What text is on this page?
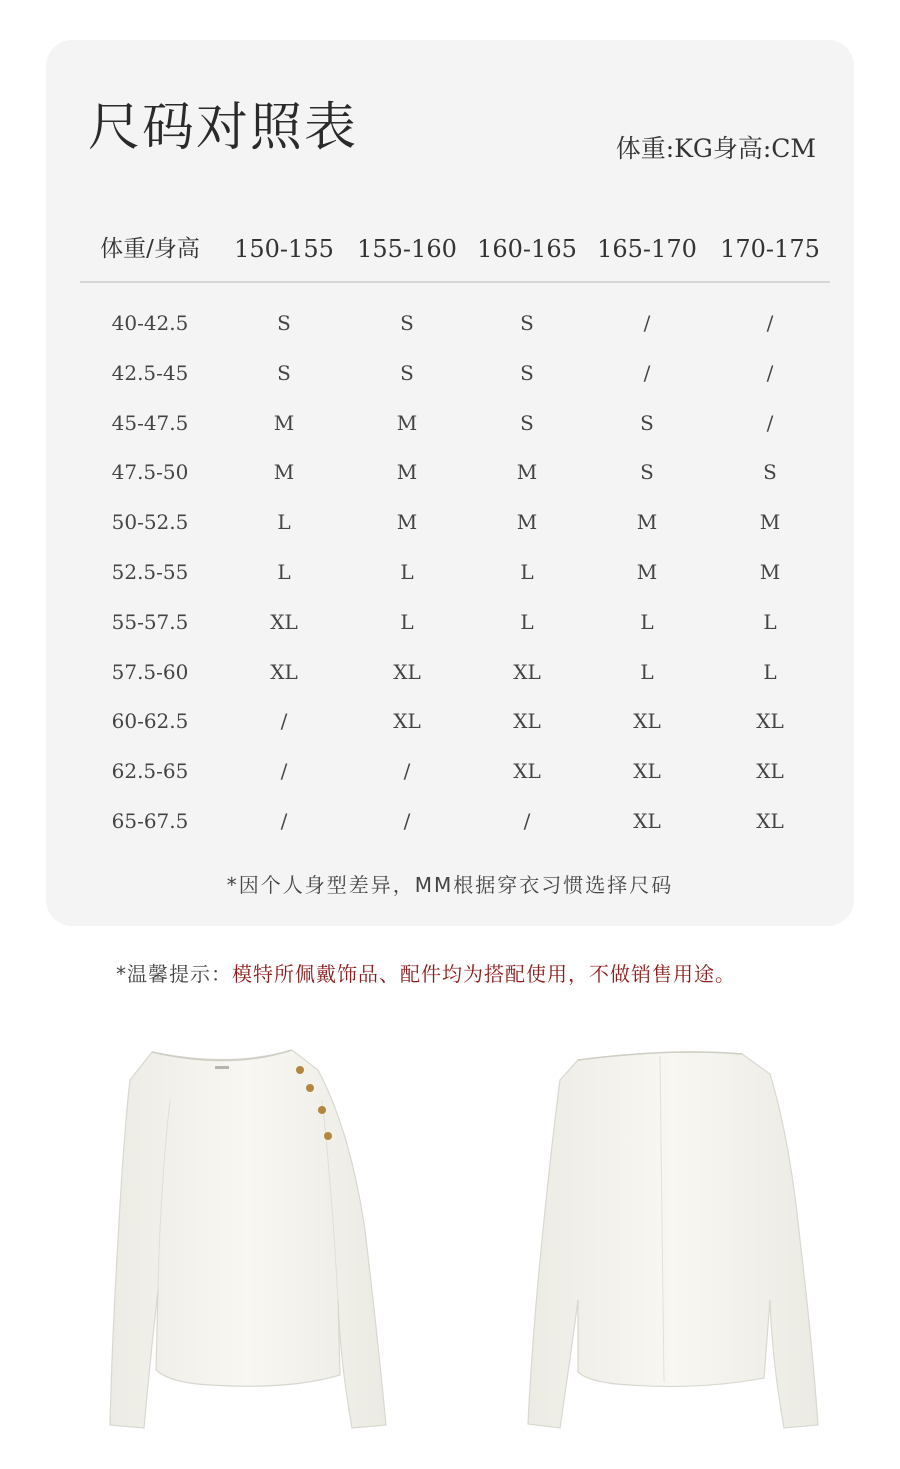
尺码对照表	体重:KG身高:CM
体重/身高	150-155 155-160 160-165 165-170 170-175
40-42.5	S	S	S	/	/
42.5-45	S	S	S	/	/
45-47.5	M	M	S	S	/
47.5-50	M	M	M	S	S
50-52.5	L	M	M	M	M
52.5-55	L	L	L	M	M
55-57.5	XL	L	L	L	L
57.5-60	XL	XL	XL	L	L
60-62.5	/	XL	XL	XL	XL
62.5-65	/	/	XL	XL	XL
65-67.5	/	/	/	XL	XL
*因个人身型差异，MM根据穿衣习惯选择尺码
*温馨提示：模特所佩戴饰品、配件均为搭配使用，不做销售用途。
